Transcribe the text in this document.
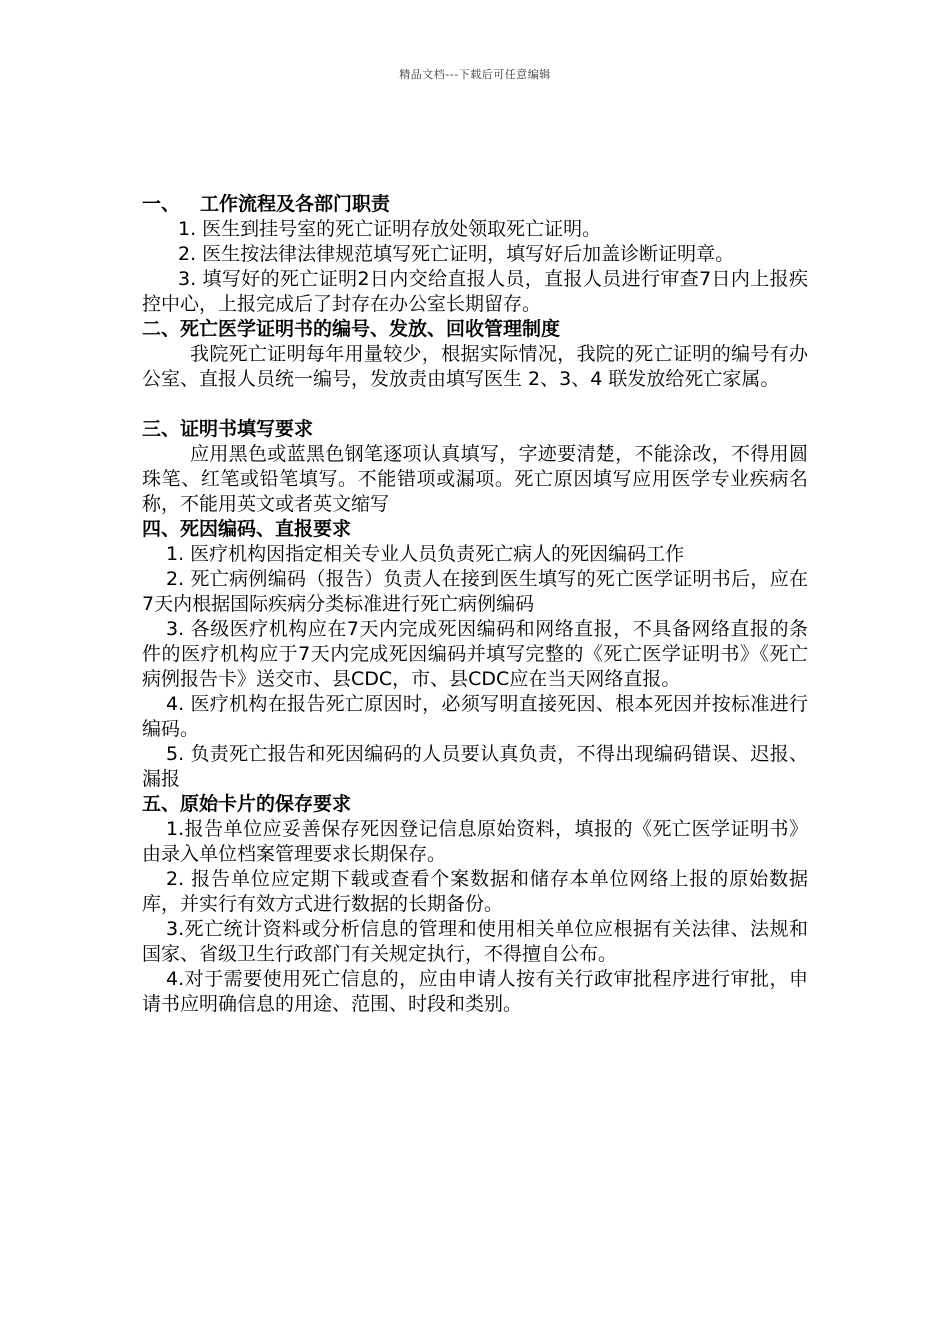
精品文档---下载后可任意编辑
一、 工作流程及各部门职责

1. 医生到挂号室的死亡证明存放处领取死亡证明。

2. 医生按法律法律规范填写死亡证明，填写好后加盖诊断证明章。

3. 填写好的死亡证明2日内交给直报人员，直报人员进行审查7日内上报疾控中心，上报完成后了封存在办公室长期留存。

二、死亡医学证明书的编号、发放、回收管理制度

我院死亡证明每年用量较少，根据实际情况，我院的死亡证明的编号有办公室、直报人员统一编号，发放责由填写医生 2、3、4 联发放给死亡家属。

三、证明书填写要求

应用黑色或蓝黑色钢笔逐项认真填写，字迹要清楚，不能涂改，不得用圆珠笔、红笔或铅笔填写。不能错项或漏项。死亡原因填写应用医学专业疾病名称，不能用英文或者英文缩写

四、死因编码、直报要求

1. 医疗机构因指定相关专业人员负责死亡病人的死因编码工作

2. 死亡病例编码（报告）负责人在接到医生填写的死亡医学证明书后，应在7天内根据国际疾病分类标准进行死亡病例编码

3. 各级医疗机构应在7天内完成死因编码和网络直报，不具备网络直报的条件的医疗机构应于7天内完成死因编码并填写完整的《死亡医学证明书》《死亡病例报告卡》送交市、县CDC，市、县CDC应在当天网络直报。

4. 医疗机构在报告死亡原因时，必须写明直接死因、根本死因并按标准进行编码。

5. 负责死亡报告和死因编码的人员要认真负责，不得出现编码错误、迟报、漏报

五、原始卡片的保存要求

1.报告单位应妥善保存死因登记信息原始资料，填报的《死亡医学证明书》由录入单位档案管理要求长期保存。

2. 报告单位应定期下载或查看个案数据和储存本单位网络上报的原始数据库，并实行有效方式进行数据的长期备份。

3.死亡统计资料或分析信息的管理和使用相关单位应根据有关法律、法规和国家、省级卫生行政部门有关规定执行，不得擅自公布。

4.对于需要使用死亡信息的，应由申请人按有关行政审批程序进行审批，申请书应明确信息的用途、范围、时段和类别。
